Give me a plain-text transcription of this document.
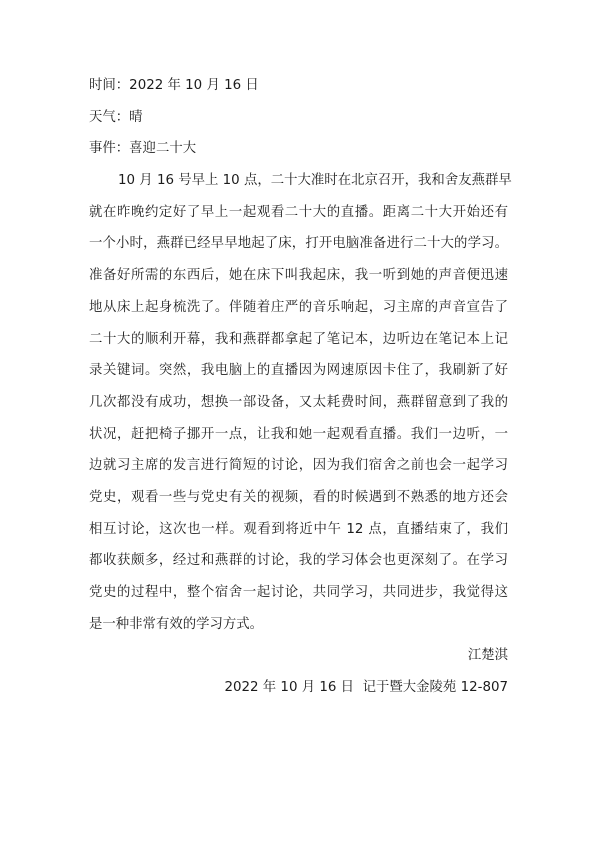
时间：2022 年 10 月 16 日
天气：晴
事件：喜迎二十大
10 月 16 号早上 10 点，二十大准时在北京召开，我和舍友燕群早
就在昨晚约定好了早上一起观看二十大的直播。距离二十大开始还有
一个小时，燕群已经早早地起了床，打开电脑准备进行二十大的学习。
准备好所需的东西后，她在床下叫我起床，我一听到她的声音便迅速
地从床上起身梳洗了。伴随着庄严的音乐响起，习主席的声音宣告了
二十大的顺利开幕，我和燕群都拿起了笔记本，边听边在笔记本上记
录关键词。突然，我电脑上的直播因为网速原因卡住了，我刷新了好
几次都没有成功，想换一部设备，又太耗费时间，燕群留意到了我的
状况，赶把椅子挪开一点，让我和她一起观看直播。我们一边听，一
边就习主席的发言进行简短的讨论，因为我们宿舍之前也会一起学习
党史，观看一些与党史有关的视频，看的时候遇到不熟悉的地方还会
相互讨论，这次也一样。观看到将近中午 12 点，直播结束了，我们
都收获颇多，经过和燕群的讨论，我的学习体会也更深刻了。在学习
党史的过程中，整个宿舍一起讨论，共同学习，共同进步，我觉得这
是一种非常有效的学习方式。
江楚淇
2022 年 10 月 16 日  记于暨大金陵苑 12-807
